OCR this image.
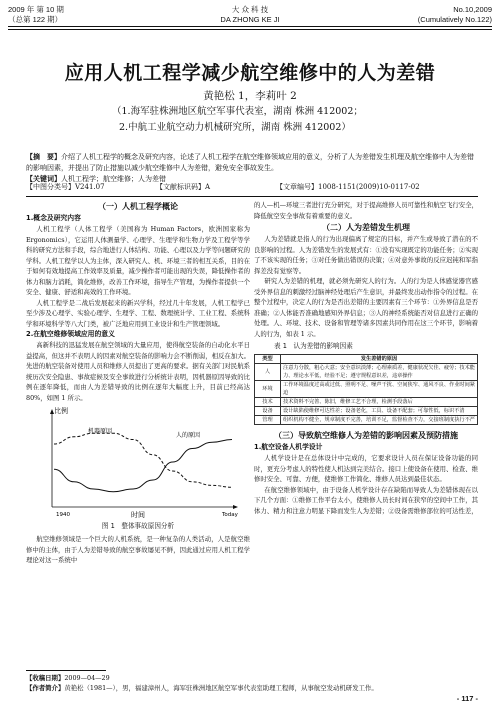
2009 年 第 10 期
（总第 122 期）
大 众 科 技
DA ZHONG KE JI
No.10,2009
(Cumulatively No.122)
应用人机工程学减少航空维修中的人为差错
黄艳松 1，李莉叶 2
（1.海军驻株洲地区航空军事代表室，湖南 株洲 412002；
2.中航工业航空动力机械研究所，湖南 株洲 412002）
【摘　要】介绍了人机工程学的概念及研究内容，论述了人机工程学在航空维修领域应用的意义，分析了人为差错发生机理及航空维修中人为差错的影响因素，并提出了防止措施以减少航空维修中人为差错，避免安全事故发生。
【关键词】人机工程学；航空维修；人为差错
【中图分类号】V241.07	【文献标识码】A	【文章编号】1008-1151(2009)10-0117-02
（一）人机工程学概论
1.概念及研究内容
人机工程学（人体工程学（美国称为 Human Factors，欧洲国家称为 Ergonomics），它运用人体测量学、心理学、生理学和生物力学及工程学等学科的研究方法和手段，综合地进行人体结构、功能、心理以及力学等问题研究的学科。人机工程学以人为主体，深入研究人、机、环境三者的相互关系，目的在于如何有效地提高工作效率及质量，减少操作者可能出现的失误，降低操作者的体力和脑力消耗，简化维修，改善工作环境，指导生产管理，为操作者提供一个安全、健康、舒适和高效的工作环境。
人机工程学是二战后发展起来的新兴学科，经过几十年发展，人机工程学已至少涉及心理学、实验心理学、生理学、工程、数理统计学、工业工程、系统科学和环境科学等八大门类，被广泛地应用到工业设计和生产管理领域。
2.在航空维修领域应用的意义
高新科技的迅猛发展在航空领域的大量应用，使得航空装备的自动化水平日益提高，但这并不表明人的因素对航空装备的影响力会不断削弱，相反在加大。先进的航空装备对使用人员和维修人员提出了更高的要求。据有关部门对民航系统历次安全隐患、事故症候及安全事故进行分析统计表明，因机器原因导致的比例在逐年降低，而由人为差错导致的比例在逐年大幅度上升，目前已经高达 80%，如图 1 所示。
比例
时间
1940	Today
人的原因
机器原因
图 1　整体事故原因分析
航空维修领域是一个巨大的人机系统，是一种复杂的人类活动，人是航空维修中的主体，由于人为差错导致的航空事故屡见不鲜，因此通过应用人机工程学理论对这一系统中
的人—机—环境三者进行充分研究，对于提高维修人员可靠性和航空飞行安全，降低航空安全事故有着重要的意义。
（二）人为差错发生机理
人为差错就是指人的行为出现偏离了规定的目标，并产生或导致了潜在的不良影响的过程。人为差错发生的发展式有：①没有实现既定的功能任务；②实现了不该实现的任务；③对任务做出错误的决策；④对意外事故的反应迟钝和军指挥差没有觉察等。
研究人为差错的机理，就必须先研究人的行为。人的行为是人体感觉器官感受外界信息的刺激经过脑神经处理后产生意识，并最终发出动作指令的过程。在整个过程中，决定人的行为是否出差错的主要因素有三个环节：①外界信息是否准确；②人体能否准确地感知外界信息；③人的神经系统能否对信息进行正确的处理。人、环境、技术、设备和管理等诸多因素共同作用在这三个环节，影响着人的行为，如表 1 示。
表 1　认为差错的影响因素
类型	发生差错的原因
人	注意力分散，粗心大意；安全意识淡薄；心理素质差，健康状况欠佳、疲劳；技术能力、理论水平低，经验不足；遵守规程意识差，违章操作
环境	工作环境温度过高或过低、照明不足、噪声干扰、空间狭窄、通风不良、作业时间紧迫
技术	技术资料不完善、陈旧，维修工艺不合理，检测手段落后
设备	设计缺陷使维修可达性差；设备老化，工具、设备不配套；可靠性低，标识不清
管理	组织机构不健全，规章制度不完善，培训不足，监督检查不力，交接班制度执行不严
（三）导致航空维修人为差错的影响因素及预防措施
1.航空设备人机学设计
人机学设计是在总体设计中完成的，它要求设计人员在保证设备功能的同时，更充分考虑人的特性使人机达到完美结合。接口上使设备在使用、检查、维修时安全、可靠、方便，使维修工作简化、维修人员达到最佳状态。
在航空维修领域中，由于设备人机学设计存在缺陷而导致人为差错体现在以下几个方面：①维修工作平台太小，使维修人员长时间在狭窄的空间中工作，其体力、精力和注意力明显下降而发生人为差错；②设备需维修部位的可达性差，
【收稿日期】2009—04—29
【作者简介】黄艳松（1981—），男，福建漳州人，海军驻株洲地区航空军事代表室助理工程师，从事航空发动机研发工作。
- 117 -
